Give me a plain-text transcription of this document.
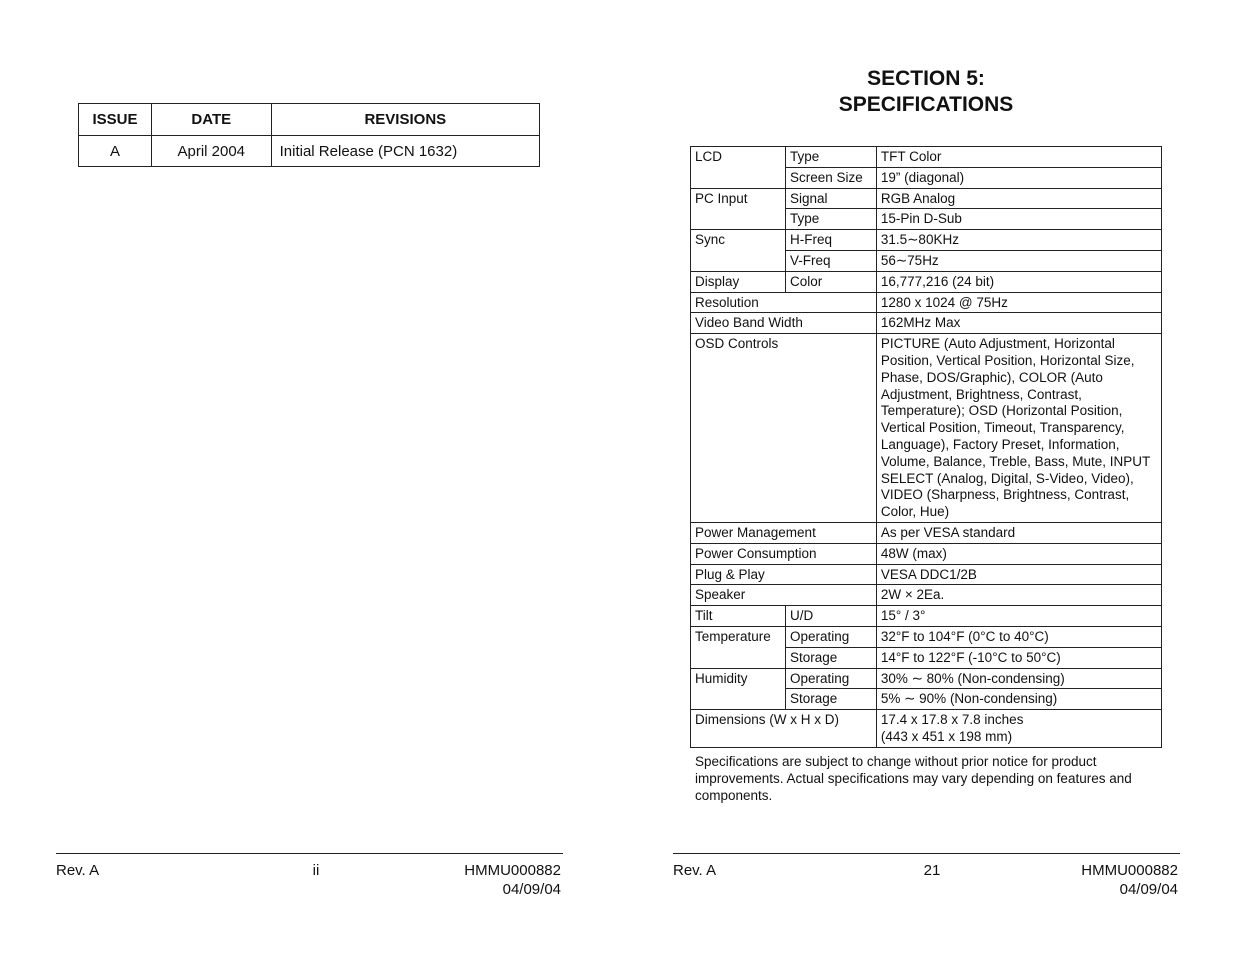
ISSUE	DATE	REVISIONS
A	April 2004	Initial Release (PCN 1632)
Rev. A	ii	HMMU000882
04/09/04
SECTION 5:
SPECIFICATIONS
LCD	Type	TFT Color
	Screen Size	19” (diagonal)
PC Input	Signal	RGB Analog
	Type	15-Pin D-Sub
Sync	H-Freq	31.5∼80KHz
	V-Freq	56∼75Hz
Display	Color	16,777,216 (24 bit)
Resolution		1280 x 1024 @ 75Hz
Video Band Width		162MHz Max
OSD Controls		PICTURE (Auto Adjustment, Horizontal Position, Vertical Position, Horizontal Size, Phase, DOS/Graphic), COLOR (Auto Adjustment, Brightness, Contrast, Temperature); OSD (Horizontal Position, Vertical Position, Timeout, Transparency, Language), Factory Preset, Information, Volume, Balance, Treble, Bass, Mute, INPUT SELECT (Analog, Digital, S-Video, Video), VIDEO (Sharpness, Brightness, Contrast, Color, Hue)
Power Management		As per VESA standard
Power Consumption		48W (max)
Plug & Play		VESA DDC1/2B
Speaker		2W × 2Ea.
Tilt	U/D	15° / 3°
Temperature	Operating	32°F to 104°F (0°C to 40°C)
	Storage	14°F to 122°F (-10°C to 50°C)
Humidity	Operating	30% ∼ 80% (Non-condensing)
	Storage	5% ∼ 90% (Non-condensing)
Dimensions (W x H x D)		17.4 x 17.8 x 7.8 inches
(443 x 451 x 198 mm)
Specifications are subject to change without prior notice for product improvements. Actual specifications may vary depending on features and components.
Rev. A	21	HMMU000882
04/09/04
